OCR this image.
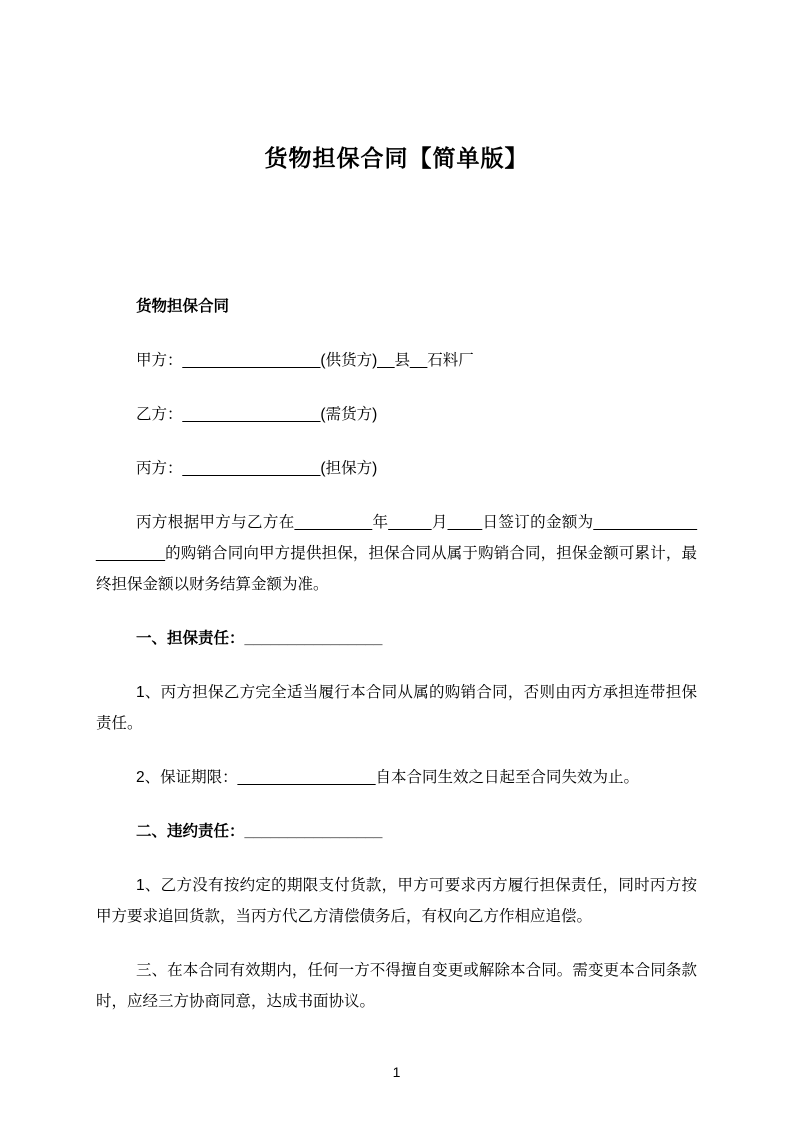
货物担保合同【简单版】

货物担保合同

甲方：________________(供货方)__县__石料厂

乙方：________________(需货方)

丙方：________________(担保方)

丙方根据甲方与乙方在_________年_____月____日签订的金额为____________________的购销合同向甲方提供担保，担保合同从属于购销合同，担保金额可累计，最终担保金额以财务结算金额为准。

一、担保责任：________________

1、丙方担保乙方完全适当履行本合同从属的购销合同，否则由丙方承担连带担保责任。

2、保证期限：________________自本合同生效之日起至合同失效为止。

二、违约责任：________________

1、乙方没有按约定的期限支付货款，甲方可要求丙方履行担保责任，同时丙方按甲方要求追回货款，当丙方代乙方清偿债务后，有权向乙方作相应追偿。

三、在本合同有效期内，任何一方不得擅自变更或解除本合同。需变更本合同条款时，应经三方协商同意，达成书面协议。

1
